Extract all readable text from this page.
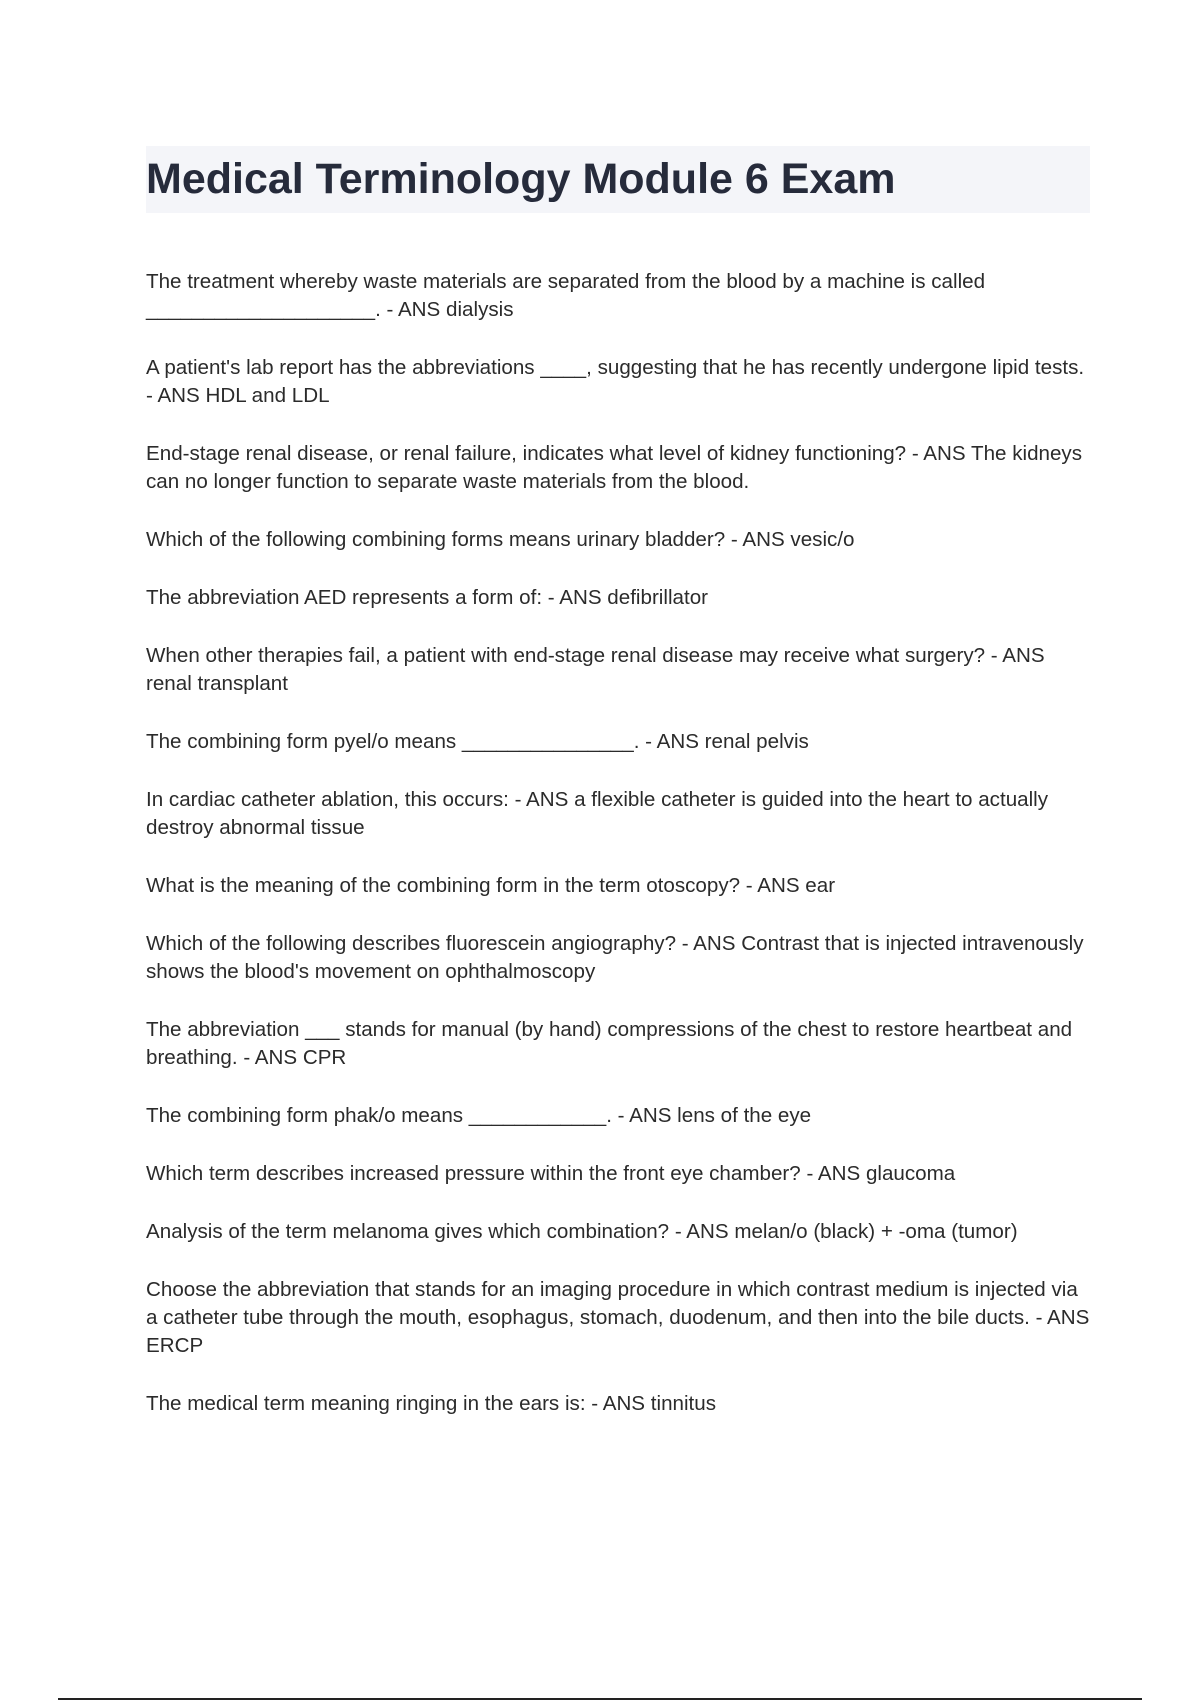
Medical Terminology Module 6 Exam

The treatment whereby waste materials are separated from the blood by a machine is called ____________________. - ANS dialysis

A patient's lab report has the abbreviations ____, suggesting that he has recently undergone lipid tests. - ANS HDL and LDL

End-stage renal disease, or renal failure, indicates what level of kidney functioning? - ANS The kidneys can no longer function to separate waste materials from the blood.

Which of the following combining forms means urinary bladder? - ANS vesic/o

The abbreviation AED represents a form of: - ANS defibrillator

When other therapies fail, a patient with end-stage renal disease may receive what surgery? - ANS renal transplant

The combining form pyel/o means _______________. - ANS renal pelvis

In cardiac catheter ablation, this occurs: - ANS a flexible catheter is guided into the heart to actually destroy abnormal tissue

What is the meaning of the combining form in the term otoscopy? - ANS ear

Which of the following describes fluorescein angiography? - ANS Contrast that is injected intravenously shows the blood's movement on ophthalmoscopy

The abbreviation ___ stands for manual (by hand) compressions of the chest to restore heartbeat and breathing. - ANS CPR

The combining form phak/o means ____________. - ANS lens of the eye

Which term describes increased pressure within the front eye chamber? - ANS glaucoma

Analysis of the term melanoma gives which combination? - ANS melan/o (black) + -oma (tumor)

Choose the abbreviation that stands for an imaging procedure in which contrast medium is injected via a catheter tube through the mouth, esophagus, stomach, duodenum, and then into the bile ducts. - ANS ERCP

The medical term meaning ringing in the ears is: - ANS tinnitus
